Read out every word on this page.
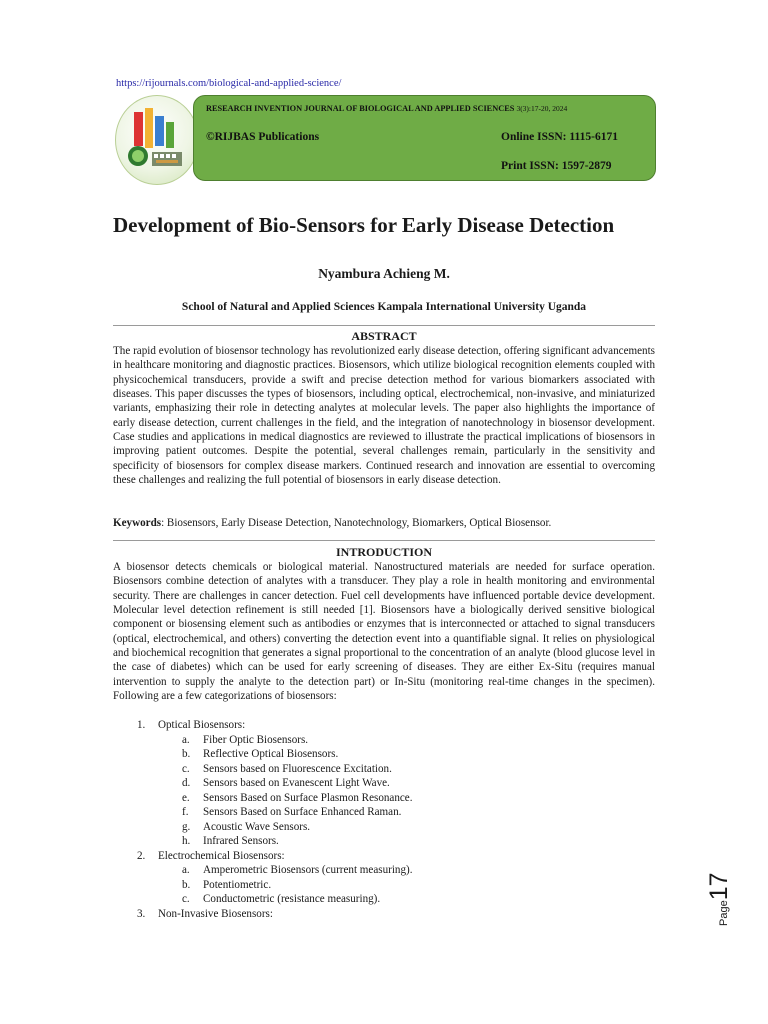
https://rijournals.com/biological-and-applied-science/
RESEARCH INVENTION JOURNAL OF BIOLOGICAL AND APPLIED SCIENCES 3(3):17-20, 2024
©RIJBAS Publications	Online ISSN: 1115-6171
Print ISSN: 1597-2879
Development of Bio-Sensors for Early Disease Detection
Nyambura Achieng M.
School of Natural and Applied Sciences Kampala International University Uganda
ABSTRACT

The rapid evolution of biosensor technology has revolutionized early disease detection, offering significant advancements in healthcare monitoring and diagnostic practices. Biosensors, which utilize biological recognition elements coupled with physicochemical transducers, provide a swift and precise detection method for various biomarkers associated with diseases. This paper discusses the types of biosensors, including optical, electrochemical, non-invasive, and miniaturized variants, emphasizing their role in detecting analytes at molecular levels. The paper also highlights the importance of early disease detection, current challenges in the field, and the integration of nanotechnology in biosensor development. Case studies and applications in medical diagnostics are reviewed to illustrate the practical implications of biosensors in improving patient outcomes. Despite the potential, several challenges remain, particularly in the sensitivity and specificity of biosensors for complex disease markers. Continued research and innovation are essential to overcoming these challenges and realizing the full potential of biosensors in early disease detection.

Keywords: Biosensors, Early Disease Detection, Nanotechnology, Biomarkers, Optical Biosensor.
INTRODUCTION

A biosensor detects chemicals or biological material. Nanostructured materials are needed for surface operation. Biosensors combine detection of analytes with a transducer. They play a role in health monitoring and environmental security. There are challenges in cancer detection. Fuel cell developments have influenced portable device development. Molecular level detection refinement is still needed [1]. Biosensors have a biologically derived sensitive biological component or biosensing element such as antibodies or enzymes that is interconnected or attached to signal transducers (optical, electrochemical, and others) converting the detection event into a quantifiable signal. It relies on physiological and biochemical recognition that generates a signal proportional to the concentration of an analyte (blood glucose level in the case of diabetes) which can be used for early screening of diseases. They are either Ex-Situ (requires manual intervention to supply the analyte to the detection part) or In-Situ (monitoring real-time changes in the specimen). Following are a few categorizations of biosensors:

1. Optical Biosensors:
a. Fiber Optic Biosensors.
b. Reflective Optical Biosensors.
c. Sensors based on Fluorescence Excitation.
d. Sensors based on Evanescent Light Wave.
e. Sensors Based on Surface Plasmon Resonance.
f. Sensors Based on Surface Enhanced Raman.
g. Acoustic Wave Sensors.
h. Infrared Sensors.
2. Electrochemical Biosensors:
a. Amperometric Biosensors (current measuring).
b. Potentiometric.
c. Conductometric (resistance measuring).
3. Non-Invasive Biosensors:	Page17
